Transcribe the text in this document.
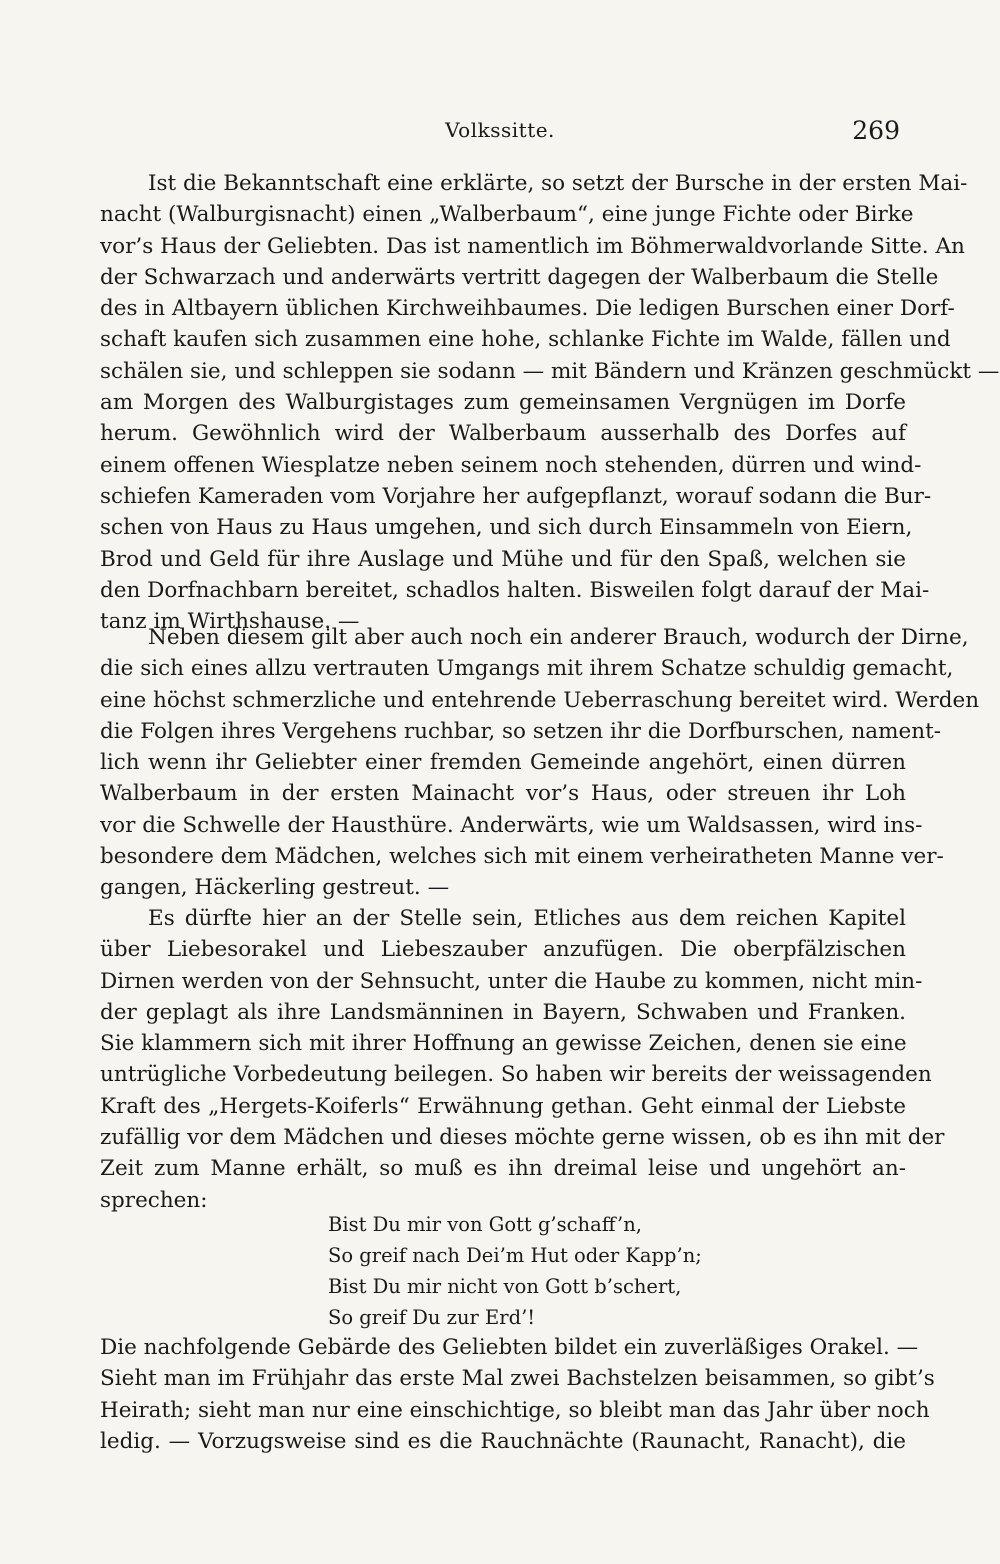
Volkssitte.	269
Ist die Bekanntschaft eine erklärte, so setzt der Bursche in der ersten Mai-
nacht (Walburgisnacht) einen „Walberbaum“, eine junge Fichte oder Birke
vor’s Haus der Geliebten. Das ist namentlich im Böhmerwaldvorlande Sitte. An
der Schwarzach und anderwärts vertritt dagegen der Walberbaum die Stelle
des in Altbayern üblichen Kirchweihbaumes. Die ledigen Burschen einer Dorf-
schaft kaufen sich zusammen eine hohe, schlanke Fichte im Walde, fällen und
schälen sie, und schleppen sie sodann — mit Bändern und Kränzen geschmückt —
am Morgen des Walburgistages zum gemeinsamen Vergnügen im Dorfe
herum. Gewöhnlich wird der Walberbaum ausserhalb des Dorfes auf
einem offenen Wiesplatze neben seinem noch stehenden, dürren und wind-
schiefen Kameraden vom Vorjahre her aufgepflanzt, worauf sodann die Bur-
schen von Haus zu Haus umgehen, und sich durch Einsammeln von Eiern,
Brod und Geld für ihre Auslage und Mühe und für den Spaß, welchen sie
den Dorfnachbarn bereitet, schadlos halten. Bisweilen folgt darauf der Mai-
tanz im Wirthshause. —
Neben diesem gilt aber auch noch ein anderer Brauch, wodurch der Dirne,
die sich eines allzu vertrauten Umgangs mit ihrem Schatze schuldig gemacht,
eine höchst schmerzliche und entehrende Ueberraschung bereitet wird. Werden
die Folgen ihres Vergehens ruchbar, so setzen ihr die Dorfburschen, nament-
lich wenn ihr Geliebter einer fremden Gemeinde angehört, einen dürren
Walberbaum in der ersten Mainacht vor’s Haus, oder streuen ihr Loh
vor die Schwelle der Hausthüre. Anderwärts, wie um Waldsassen, wird ins-
besondere dem Mädchen, welches sich mit einem verheiratheten Manne ver-
gangen, Häckerling gestreut. —
Es dürfte hier an der Stelle sein, Etliches aus dem reichen Kapitel
über Liebesorakel und Liebeszauber anzufügen. Die oberpfälzischen
Dirnen werden von der Sehnsucht, unter die Haube zu kommen, nicht min-
der geplagt als ihre Landsmänninen in Bayern, Schwaben und Franken.
Sie klammern sich mit ihrer Hoffnung an gewisse Zeichen, denen sie eine
untrügliche Vorbedeutung beilegen. So haben wir bereits der weissagenden
Kraft des „Hergets-Koiferls“ Erwähnung gethan. Geht einmal der Liebste
zufällig vor dem Mädchen und dieses möchte gerne wissen, ob es ihn mit der
Zeit zum Manne erhält, so muß es ihn dreimal leise und ungehört an-
sprechen:
Bist Du mir von Gott g’schaff’n,
So greif nach Dei’m Hut oder Kapp’n;
Bist Du mir nicht von Gott b’schert,
So greif Du zur Erd’!
Die nachfolgende Gebärde des Geliebten bildet ein zuverläßiges Orakel. —
Sieht man im Frühjahr das erste Mal zwei Bachstelzen beisammen, so gibt’s
Heirath; sieht man nur eine einschichtige, so bleibt man das Jahr über noch
ledig. — Vorzugsweise sind es die Rauchnächte (Raunacht, Ranacht), die
